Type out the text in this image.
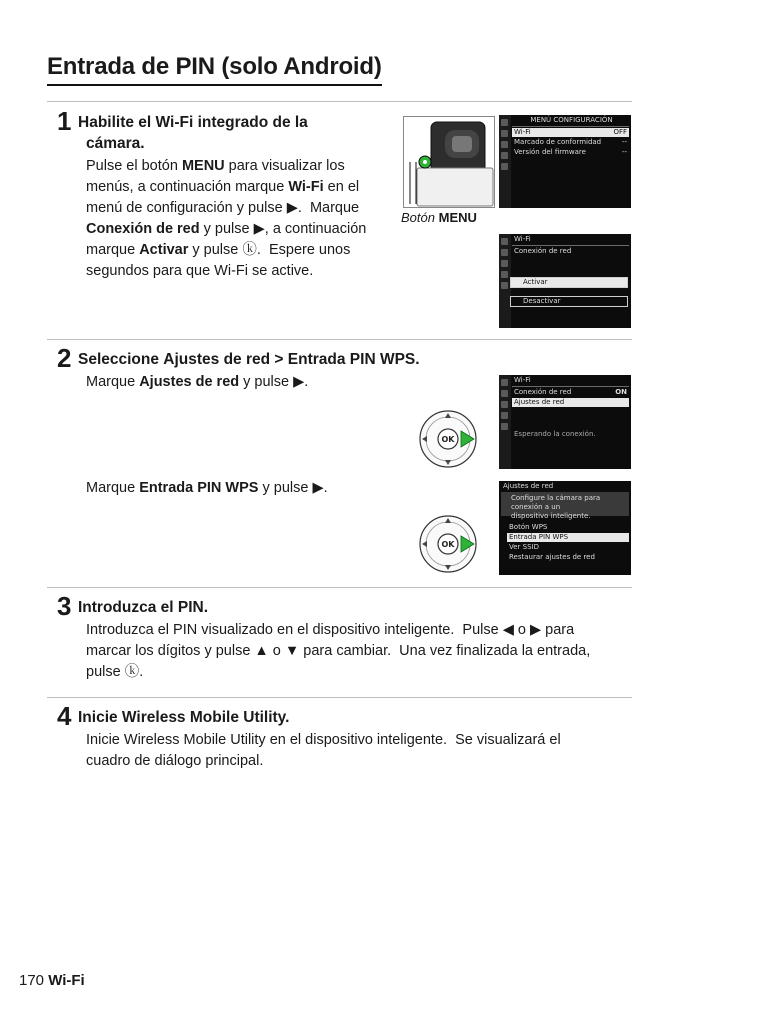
Entrada de PIN (solo Android)
1 Habilite el Wi-Fi integrado de la
cámara.
Pulse el botón MENU para visualizar los
menús, a continuación marque Wi-Fi en el
menú de configuración y pulse ▶.  Marque
Conexión de red y pulse ▶, a continuación
marque Activar y pulse ⓚ.  Espere unos
segundos para que Wi-Fi se active.
Botón MENU
MENÚ CONFIGURACIÓN
Wi-Fi	OFF
Marcado de conformidad	--
Versión del firmware	--
Wi-Fi
Conexión de red
Activar
Desactivar
2 Seleccione Ajustes de red > Entrada PIN WPS.
Marque Ajustes de red y pulse ▶.
Marque Entrada PIN WPS y pulse ▶.
OK
Wi-Fi
Conexión de red	ON
Ajustes de red
Esperando la conexión.
OK
Ajustes de red
Configure la cámara para conexión a un
dispositivo inteligente.
Botón WPS
Entrada PIN WPS
Ver SSID
Restaurar ajustes de red
3 Introduzca el PIN.
Introduzca el PIN visualizado en el dispositivo inteligente.  Pulse ◀ o ▶ para
marcar los dígitos y pulse ▲ o ▼ para cambiar.  Una vez finalizada la entrada,
pulse ⓚ.
4 Inicie Wireless Mobile Utility.
Inicie Wireless Mobile Utility en el dispositivo inteligente.  Se visualizará el
cuadro de diálogo principal.
170 Wi-Fi
